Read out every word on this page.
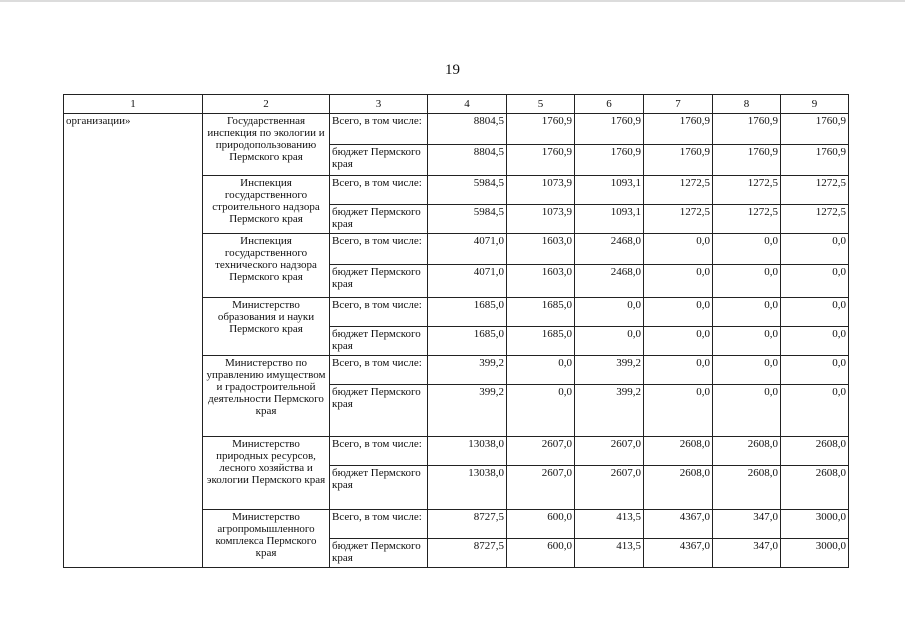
19
1	2	3	4	5	6	7	8	9
организации»	Государственная инспекция по экологии и природопользованию Пермского края	Всего, в том числе:	8804,5	1760,9	1760,9	1760,9	1760,9	1760,9
		бюджет Пермского края	8804,5	1760,9	1760,9	1760,9	1760,9	1760,9
	Инспекция государственного строительного надзора Пермского края	Всего, в том числе:	5984,5	1073,9	1093,1	1272,5	1272,5	1272,5
		бюджет Пермского края	5984,5	1073,9	1093,1	1272,5	1272,5	1272,5
	Инспекция государственного технического надзора Пермского края	Всего, в том числе:	4071,0	1603,0	2468,0	0,0	0,0	0,0
		бюджет Пермского края	4071,0	1603,0	2468,0	0,0	0,0	0,0
	Министерство образования и науки Пермского края	Всего, в том числе:	1685,0	1685,0	0,0	0,0	0,0	0,0
		бюджет Пермского края	1685,0	1685,0	0,0	0,0	0,0	0,0
	Министерство по управлению имуществом и градостроительной деятельности Пермского края	Всего, в том числе:	399,2	0,0	399,2	0,0	0,0	0,0
		бюджет Пермского края	399,2	0,0	399,2	0,0	0,0	0,0
	Министерство природных ресурсов, лесного хозяйства и экологии Пермского края	Всего, в том числе:	13038,0	2607,0	2607,0	2608,0	2608,0	2608,0
		бюджет Пермского края	13038,0	2607,0	2607,0	2608,0	2608,0	2608,0
	Министерство агропромышленного комплекса Пермского края	Всего, в том числе:	8727,5	600,0	413,5	4367,0	347,0	3000,0
		бюджет Пермского края	8727,5	600,0	413,5	4367,0	347,0	3000,0
